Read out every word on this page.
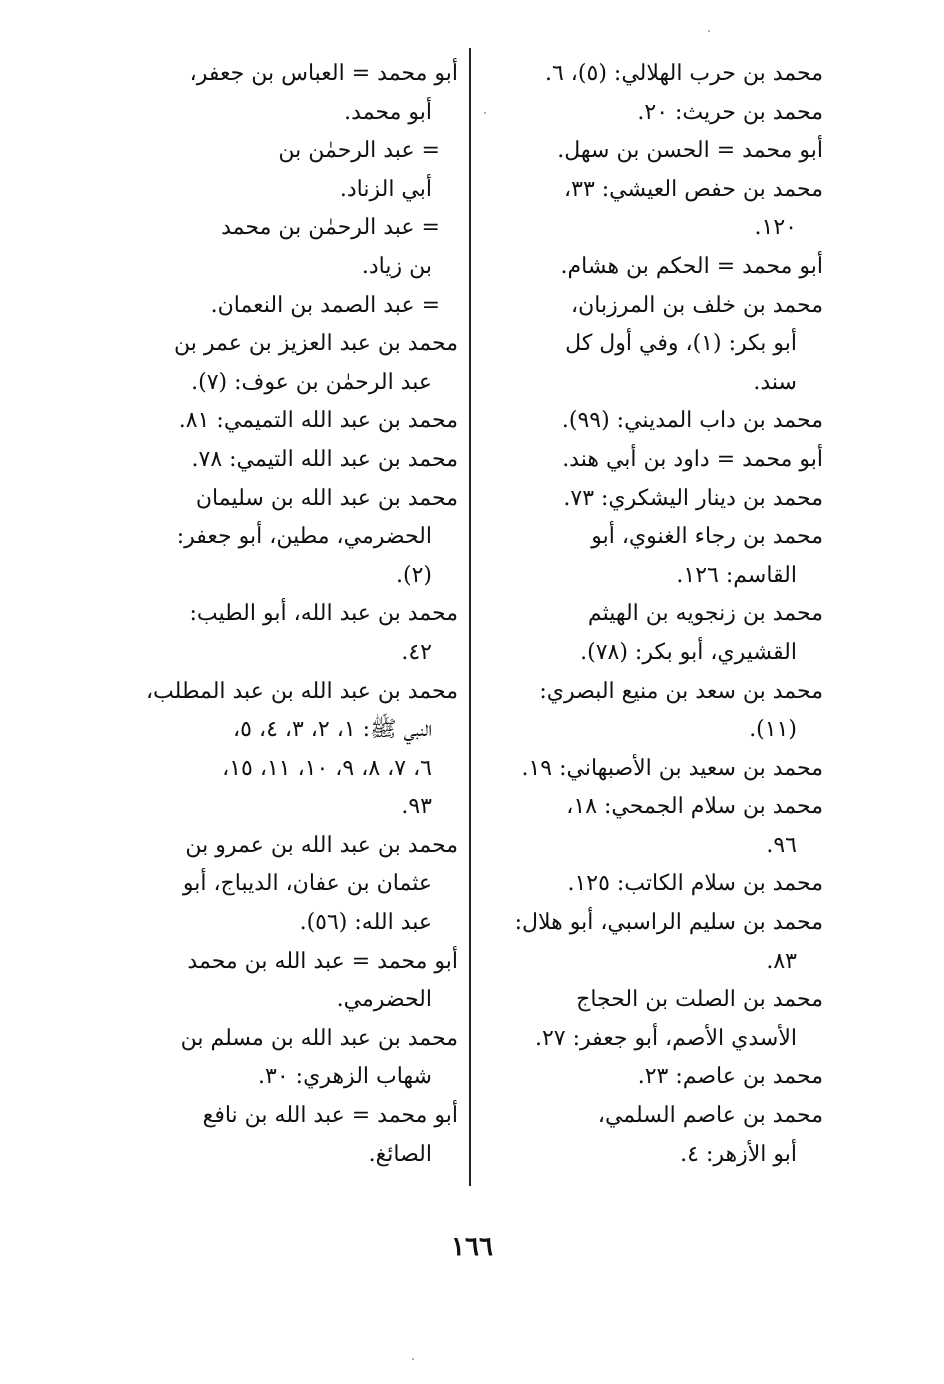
محمد بن حرب الهلالي: (٥)، ٦.
محمد بن حريث: ٢٠.
أبو محمد = الحسن بن سهل.
محمد بن حفص العيشي: ٣٣،
١٢٠.
أبو محمد = الحكم بن هشام.
محمد بن خلف بن المرزبان،
أبو بكر: (١)، وفي أول كل
سند.
محمد بن داب المديني: (٩٩).
أبو محمد = داود بن أبي هند.
محمد بن دينار اليشكري: ٧٣.
محمد بن رجاء الغنوي، أبو
القاسم: ١٢٦.
محمد بن زنجويه بن الهيثم
القشيري، أبو بكر: (٧٨).
محمد بن سعد بن منيع البصري:
(١١).
محمد بن سعيد بن الأصبهاني: ١٩.
محمد بن سلام الجمحي: ١٨،
٩٦.
محمد بن سلام الكاتب: ١٢٥.
محمد بن سليم الراسبي، أبو هلال:
٨٣.
محمد بن الصلت بن الحجاج
الأسدي الأصم، أبو جعفر: ٢٧.
محمد بن عاصم: ٢٣.
محمد بن عاصم السلمي،
أبو الأزهر: ٤.
أبو محمد = العباس بن جعفر،
أبو محمد.
= عبد الرحمٰن بن
أبي الزناد.
= عبد الرحمٰن بن محمد
بن زياد.
= عبد الصمد بن النعمان.
محمد بن عبد العزيز بن عمر بن
عبد الرحمٰن بن عوف: (٧).
محمد بن عبد الله التميمي: ٨١.
محمد بن عبد الله التيمي: ٧٨.
محمد بن عبد الله بن سليمان
الحضرمي، مطين، أبو جعفر:
(٢).
محمد بن عبد الله، أبو الطيب:
٤٢.
محمد بن عبد الله بن عبد المطلب،
النبي ﷺ: ١، ٢، ٣، ٤، ٥،
٦، ٧، ٨، ٩، ١٠، ١١، ١٥،
٩٣.
محمد بن عبد الله بن عمرو بن
عثمان بن عفان، الديباج، أبو
عبد الله: (٥٦).
أبو محمد = عبد الله بن محمد
الحضرمي.
محمد بن عبد الله بن مسلم بن
شهاب الزهري: ٣٠.
أبو محمد = عبد الله بن نافع
الصائغ.
١٦٦
